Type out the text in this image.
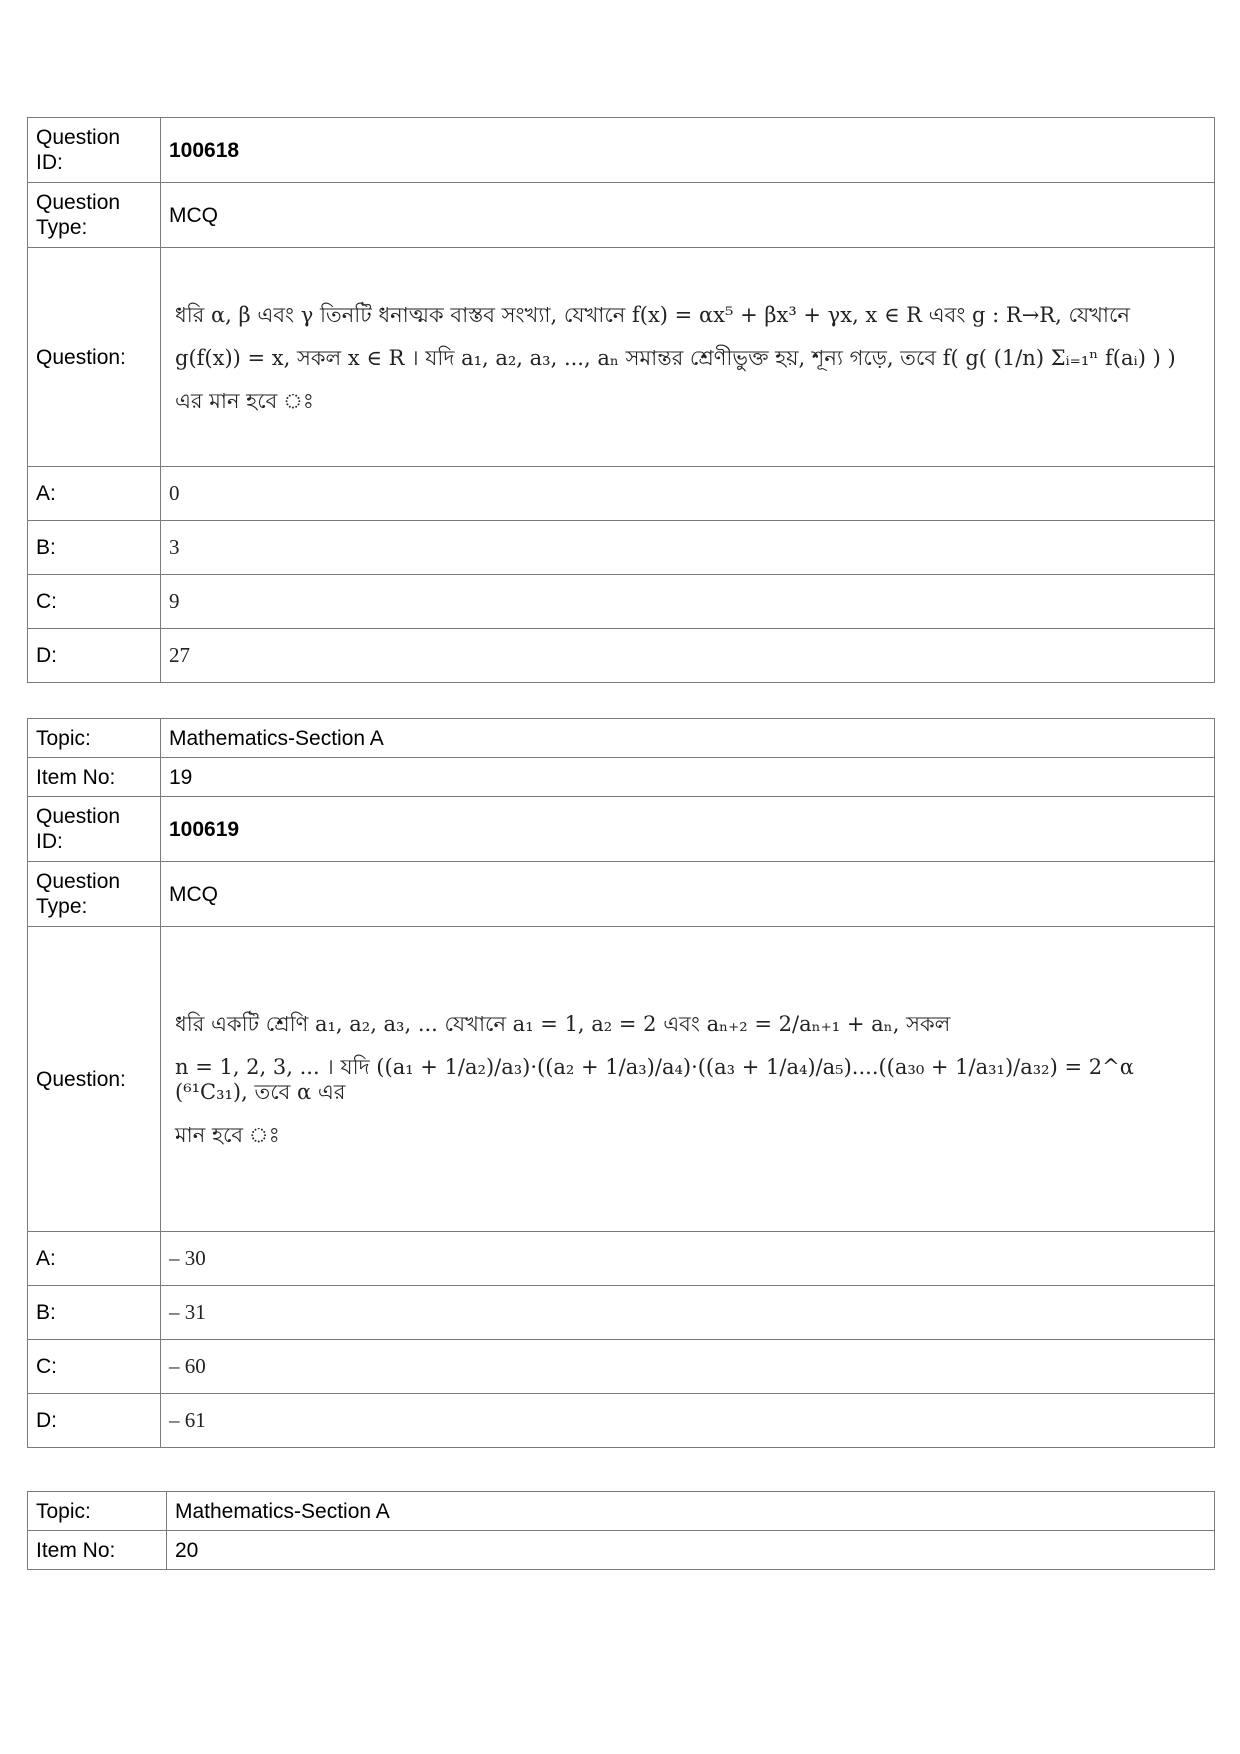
Question ID:	100618
Question Type:	MCQ
Question:	ধরি α, β এবং γ তিনটি ধনাত্মক বাস্তব সংখ্যা, যেখানে f(x) = αx⁵ + βx³ + γx, x ∈ R এবং g : R→R, যেখানে
g(f(x)) = x, সকল x ∈ R । যদি a₁, a₂, a₃, ..., aₙ সমান্তর শ্রেণীভুক্ত হয়, শূন্য গড়ে, তবে f( g( (1/n) Σᵢ₌₁ⁿ f(aᵢ) ) )
এর মান হবে ঃ

A:	0
B:	3
C:	9
D:	27
Topic:	Mathematics-Section A
Item No:	19
Question ID:	100619
Question Type:	MCQ
Question:	ধরি একটি শ্রেণি a₁, a₂, a₃, ... যেখানে a₁ = 1, a₂ = 2 এবং aₙ₊₂ = 2/aₙ₊₁ + aₙ, সকল
n = 1, 2, 3, ... । যদি ((a₁ + 1/a₂)/a₃)·((a₂ + 1/a₃)/a₄)·((a₃ + 1/a₄)/a₅)....((a₃₀ + 1/a₃₁)/a₃₂) = 2^α (⁶¹C₃₁), তবে α এর
মান হবে ঃ

A:	– 30
B:	– 31
C:	– 60
D:	– 61
Topic:	Mathematics-Section A
Item No:	20
